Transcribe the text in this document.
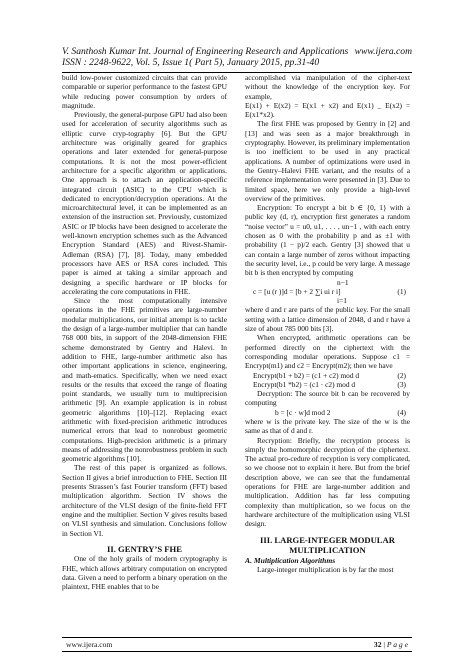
V. Santhosh Kumar Int. Journal of Engineering Research and Applications www.ijera.com
ISSN : 2248-9622, Vol. 5, Issue 1( Part 5), January 2015, pp.31-40

build low-power customized circuits that can provide comparable or superior performance to the fastest GPU while reducing power consumption by orders of magnitude.

Previously, the general-purpose GPU had also been used for acceleration of security algorithms such as elliptic curve cryp-tography [6]. But the GPU architecture was originally geared for graphics operations and later extended for general-purpose computations. It is not the most power-efficient architecture for a specific algorithm or applications. One approach is to attach an application-specific integrated circuit (ASIC) to the CPU which is dedicated to encryption/decryption operations. At the microarchitectural level, it can be implemented as an extension of the instruction set. Previously, customized ASIC or IP blocks have been designed to accelerate the well-known encryption schemes such as the Advanced Encryption Standard (AES) and Rivest-Shamir-Adleman (RSA) [7], [8]. Today, many embedded processors have AES or RSA cores included. This paper is aimed at taking a similar approach and designing a specific hardware or IP blocks for accelerating the core computations in FHE.

Since the most computationally intensive operations in the FHE primitives are large-number modular multiplications, our initial attempt is to tackle the design of a large-number multiplier that can handle 768 000 bits, in support of the 2048-dimension FHE scheme demonstrated by Gentry and Halevi. In addition to FHE, large-number arithmetic also has other important applications in science, engineering, and math-ematics. Specifically, when we need exact results or the results that exceed the range of floating point standards, we usually turn to multiprecision arithmetic [9]. An example application is in robust geometric algorithms [10]–[12]. Replacing exact arithmetic with fixed-precision arithmetic introduces numerical errors that lead to nonrobust geometric computations. High-precision arithmetic is a primary means of addressing the nonrobustness problem in such geometric algorithms [10].

The rest of this paper is organized as follows. Section II gives a brief introduction to FHE. Section III presents Strassen’s fast Fourier transform (FFT) based multiplication algorithm. Section IV shows the architecture of the VLSI design of the finite-field FFT engine and the multiplier. Section V gives results based on VLSI synthesis and simulation. Conclusions follow in Section VI.

II. GENTRY’S FHE

One of the holy grails of modern cryptography is FHE, which allows arbitrary computation on encrypted data. Given a need to perform a binary operation on the plaintext, FHE enables that to be

accomplished via manipulation of the cipher-text without the knowledge of the encryption key. For example,

E(x1) + E(x2) = E(x1 + x2) and E(x1) _ E(x2) = E(x1*x2).

The first FHE was proposed by Gentry in [2] and [13] and was seen as a major breakthrough in cryptography. However, its preliminary implementation is too inefficient to be used in any practical applications. A number of optimizations were used in the Gentry–Halevi FHE variant, and the results of a reference implementation were presented in [3]. Due to limited space, here we only provide a high-level overview of the primitives.

Encryption: To encrypt a bit b ∈ {0, 1} with a public key (d, r), encryption first generates a random “noise vector” u = u0, u1, . . . , un−1 , with each entry chosen as 0 with the probability p and as ±1 with probability (1 − p)/2 each. Gentry [3] showed that u can contain a large number of zeros without impacting the security level, i.e., p could be very large. A message bit b is then encrypted by computing

n−1
c = [u (r )]d = [b + 2 ∑i ui r i]	(1)
i=1

where d and r are parts of the public key. For the small setting with a lattice dimension of 2048, d and r have a size of about 785 000 bits [3].

When encrypted, arithmetic operations can be performed directly on the ciphertext with the corresponding modular operations. Suppose c1 = Encrypt(m1) and c2 = Encrypt(m2); then we have

Encrypt(b1 + b2) = (c1 + c2) mod d	(2)
Encrypt(b1 *b2) = (c1 · c2) mod d	(3)

Decryption: The source bit b can be recovered by computing

b = [c · w]d mod 2	(4)

where w is the private key. The size of the w is the same as that of d and r.

Recryption: Briefly, the recryption process is simply the homomorphic decryption of the ciphertext. The actual pro-cedure of recyption is very complicated, so we choose not to explain it here. But from the brief description above, we can see that the fundamental operations for FHE are large-number addition and multiplication. Addition has far less computing complexity than multiplication, so we focus on the hardware architecture of the multiplication using VLSI design.

III. LARGE-INTEGER MODULAR MULTIPLICATION

A. Multiplication Algorithms

Large-integer multiplication is by far the most

www.ijera.com	32 | P a g e
